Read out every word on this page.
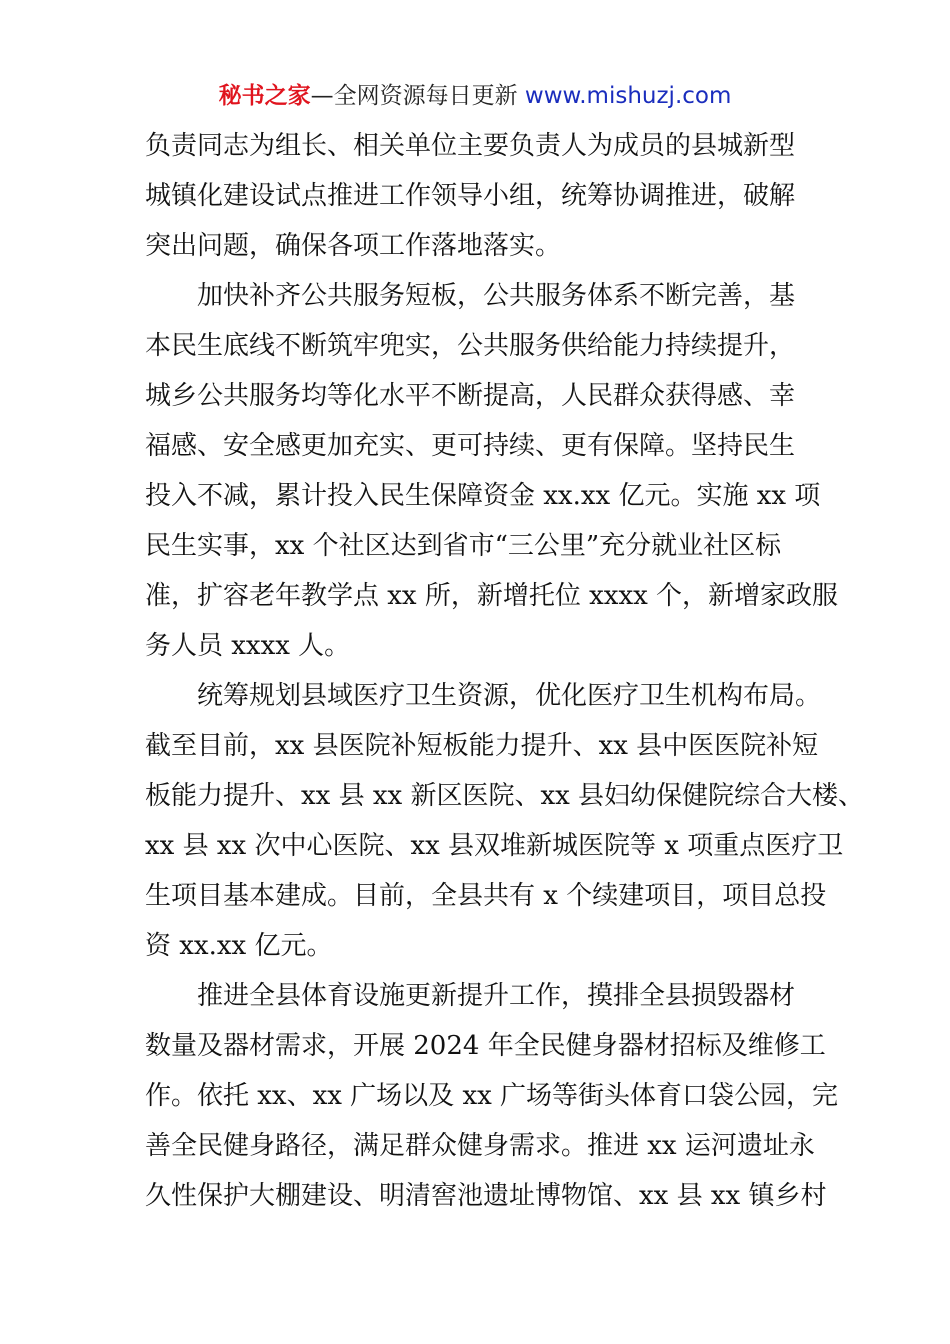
秘书之家—全网资源每日更新 www.mishuzj.com
负责同志为组长、相关单位主要负责人为成员的县城新型
城镇化建设试点推进工作领导小组，统筹协调推进，破解
突出问题，确保各项工作落地落实。
加快补齐公共服务短板，公共服务体系不断完善，基
本民生底线不断筑牢兜实，公共服务供给能力持续提升，
城乡公共服务均等化水平不断提高，人民群众获得感、幸
福感、安全感更加充实、更可持续、更有保障。坚持民生
投入不减，累计投入民生保障资金 xx.xx 亿元。实施 xx 项
民生实事，xx 个社区达到省市“三公里”充分就业社区标
准，扩容老年教学点 xx 所，新增托位 xxxx 个，新增家政服
务人员 xxxx 人。
统筹规划县域医疗卫生资源，优化医疗卫生机构布局。
截至目前，xx 县医院补短板能力提升、xx 县中医医院补短
板能力提升、xx 县 xx 新区医院、xx 县妇幼保健院综合大楼、
xx 县 xx 次中心医院、xx 县双堆新城医院等 x 项重点医疗卫
生项目基本建成。目前，全县共有 x 个续建项目，项目总投
资 xx.xx 亿元。
推进全县体育设施更新提升工作，摸排全县损毁器材
数量及器材需求，开展 2024 年全民健身器材招标及维修工
作。依托 xx、xx 广场以及 xx 广场等街头体育口袋公园，完
善全民健身路径，满足群众健身需求。推进 xx 运河遗址永
久性保护大棚建设、明清窖池遗址博物馆、xx 县 xx 镇乡村
